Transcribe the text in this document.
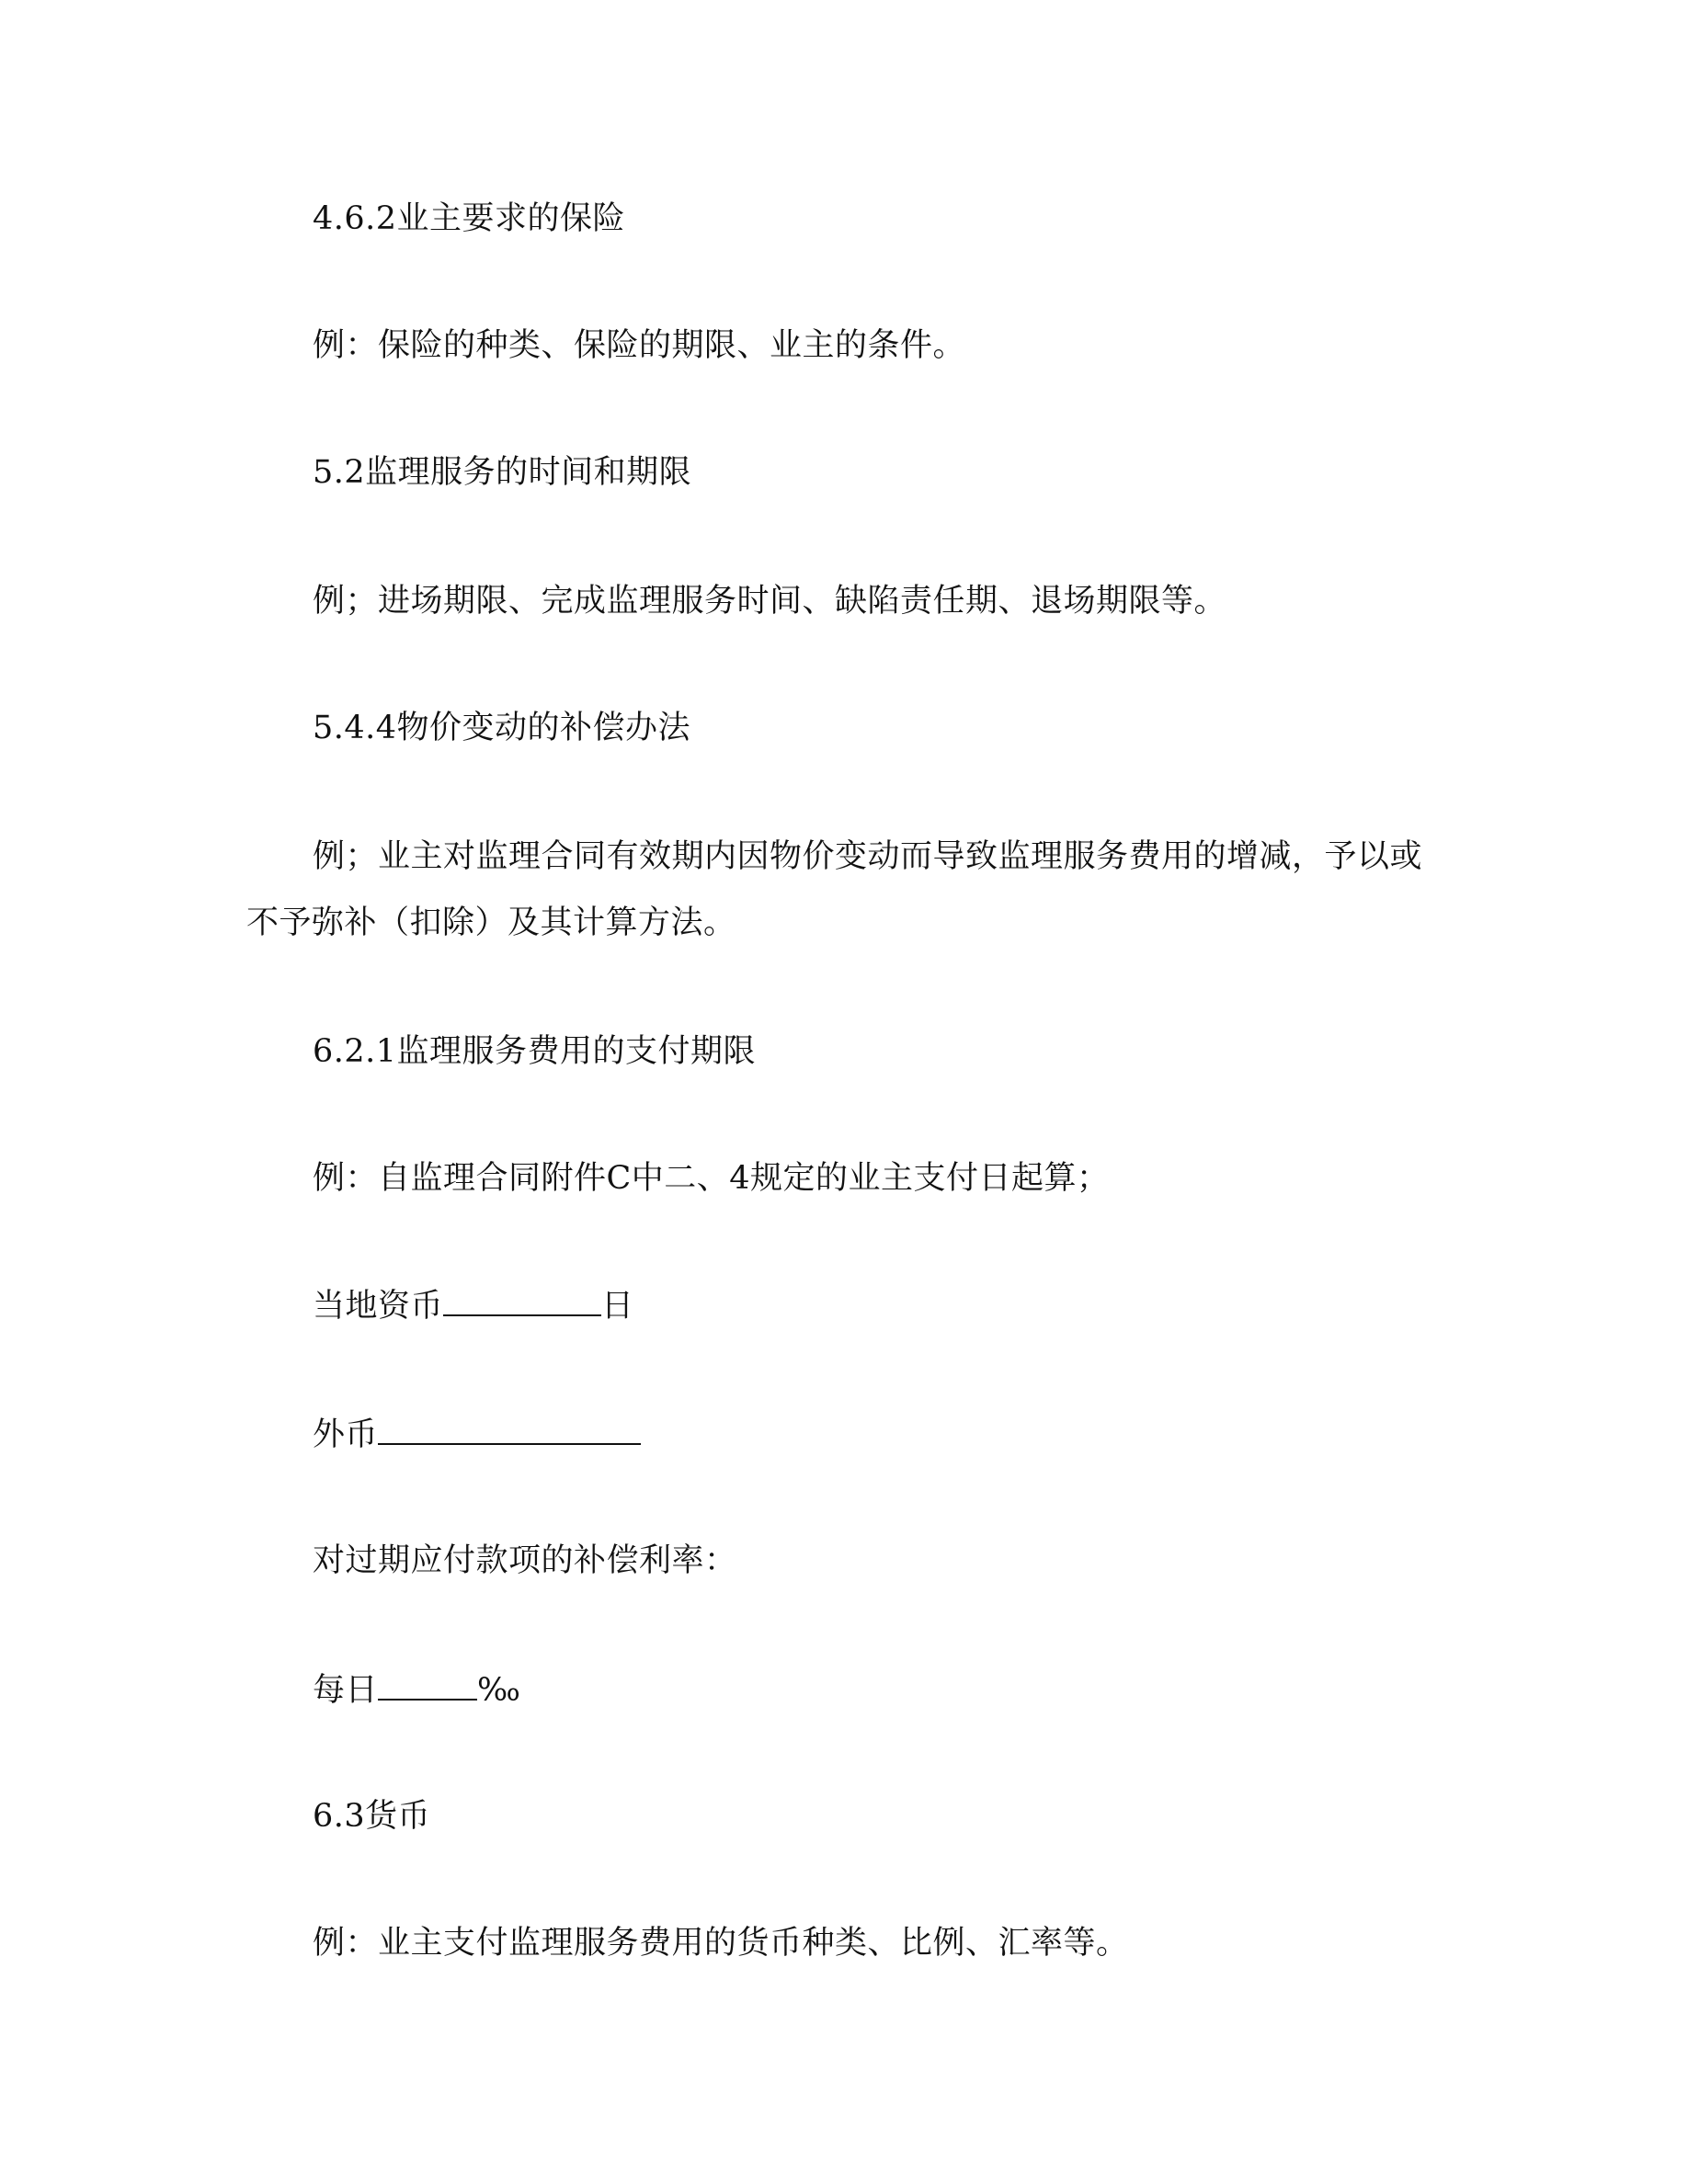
4.6.2业主要求的保险
例：保险的种类、保险的期限、业主的条件。
5.2监理服务的时间和期限
例；进场期限、完成监理服务时间、缺陷责任期、退场期限等。
5.4.4物价变动的补偿办法
例；业主对监理合同有效期内因物价变动而导致监理服务费用的增减，予以或
不予弥补（扣除）及其计算方法。
6.2.1监理服务费用的支付期限
例：自监理合同附件C中二、4规定的业主支付日起算；
当地资币	日
外币
对过期应付款项的补偿利率：
每日	‰
6.3货币
例：业主支付监理服务费用的货币种类、比例、汇率等。
